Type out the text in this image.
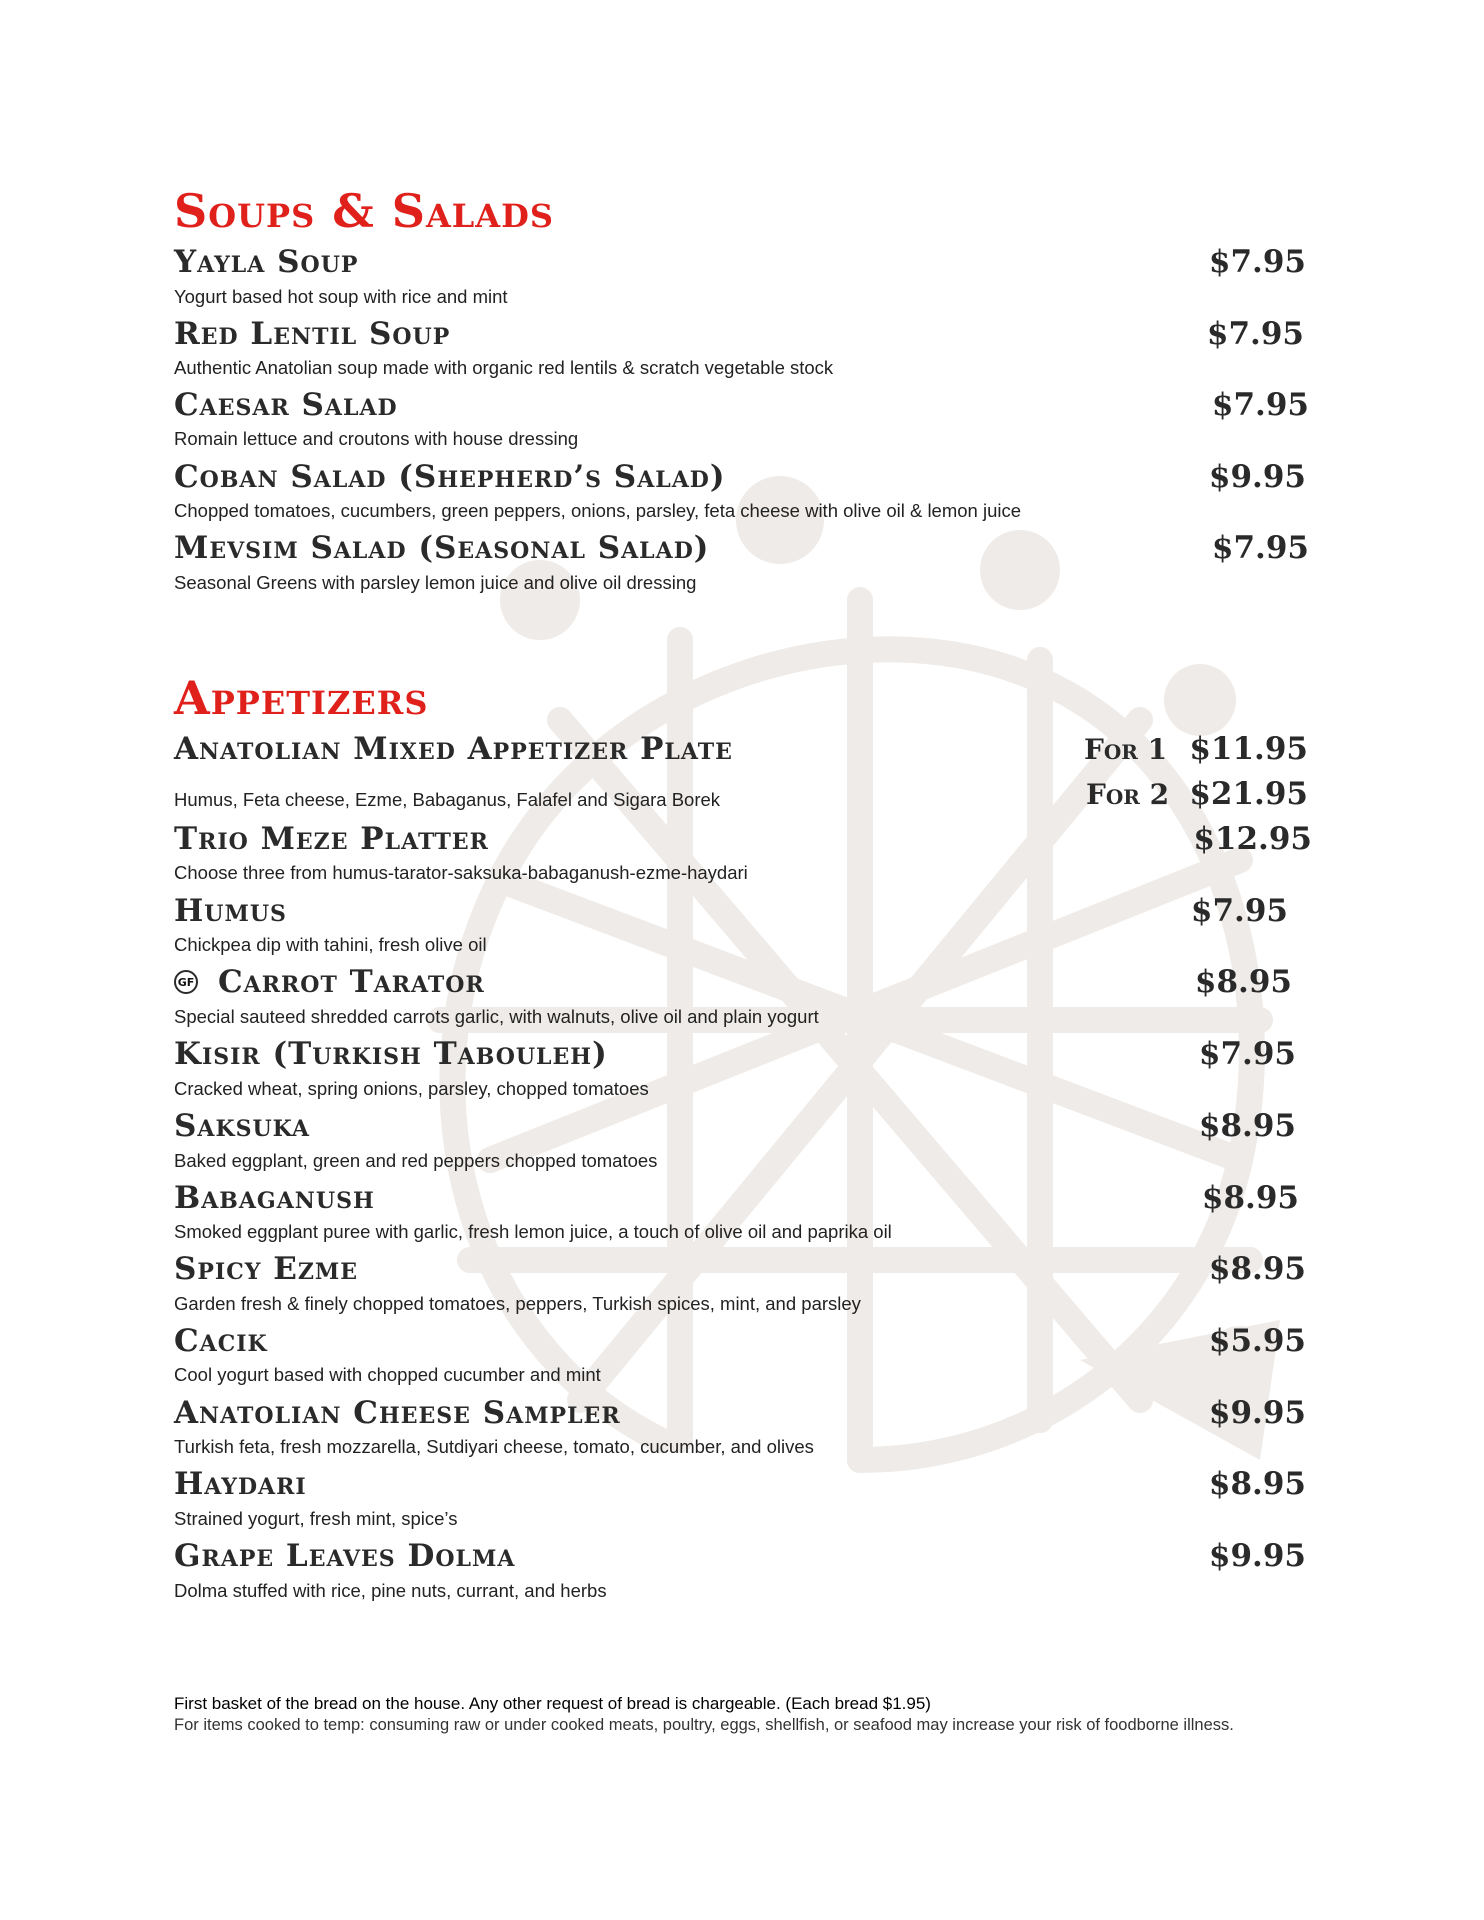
Soups & Salads
Yayla Soup	$7.95
Yogurt based hot soup with rice and mint
Red Lentil Soup	$7.95
Authentic Anatolian soup made with organic red lentils & scratch vegetable stock
Caesar Salad	$7.95
Romain lettuce and croutons with house dressing
Coban Salad (Shepherd’s Salad)	$9.95
Chopped tomatoes, cucumbers, green peppers, onions, parsley, feta cheese with olive oil & lemon juice
Mevsim Salad (Seasonal Salad)	$7.95
Seasonal Greens with parsley lemon juice and olive oil dressing
Appetizers
Anatolian Mixed Appetizer Plate	For 1 $11.95
Humus, Feta cheese, Ezme, Babaganus, Falafel and Sigara Borek	For 2 $21.95
Trio Meze Platter	$12.95
Choose three from humus-tarator-saksuka-babaganush-ezme-haydari
Humus	$7.95
Chickpea dip with tahini, fresh olive oil
GF Carrot Tarator	$8.95
Special sauteed shredded carrots garlic, with walnuts, olive oil and plain yogurt
Kisir (Turkish Tabouleh)	$7.95
Cracked wheat, spring onions, parsley, chopped tomatoes
Saksuka	$8.95
Baked eggplant, green and red peppers chopped tomatoes
Babaganush	$8.95
Smoked eggplant puree with garlic, fresh lemon juice, a touch of olive oil and paprika oil
Spicy Ezme	$8.95
Garden fresh & finely chopped tomatoes, peppers, Turkish spices, mint, and parsley
Cacik	$5.95
Cool yogurt based with chopped cucumber and mint
Anatolian Cheese Sampler	$9.95
Turkish feta, fresh mozzarella, Sutdiyari cheese, tomato, cucumber, and olives
Haydari	$8.95
Strained yogurt, fresh mint, spice’s
Grape Leaves Dolma	$9.95
Dolma stuffed with rice, pine nuts, currant, and herbs
First basket of the bread on the house. Any other request of bread is chargeable. (Each bread $1.95)
For items cooked to temp: consuming raw or under cooked meats, poultry, eggs, shellfish, or seafood may increase your risk of foodborne illness.
